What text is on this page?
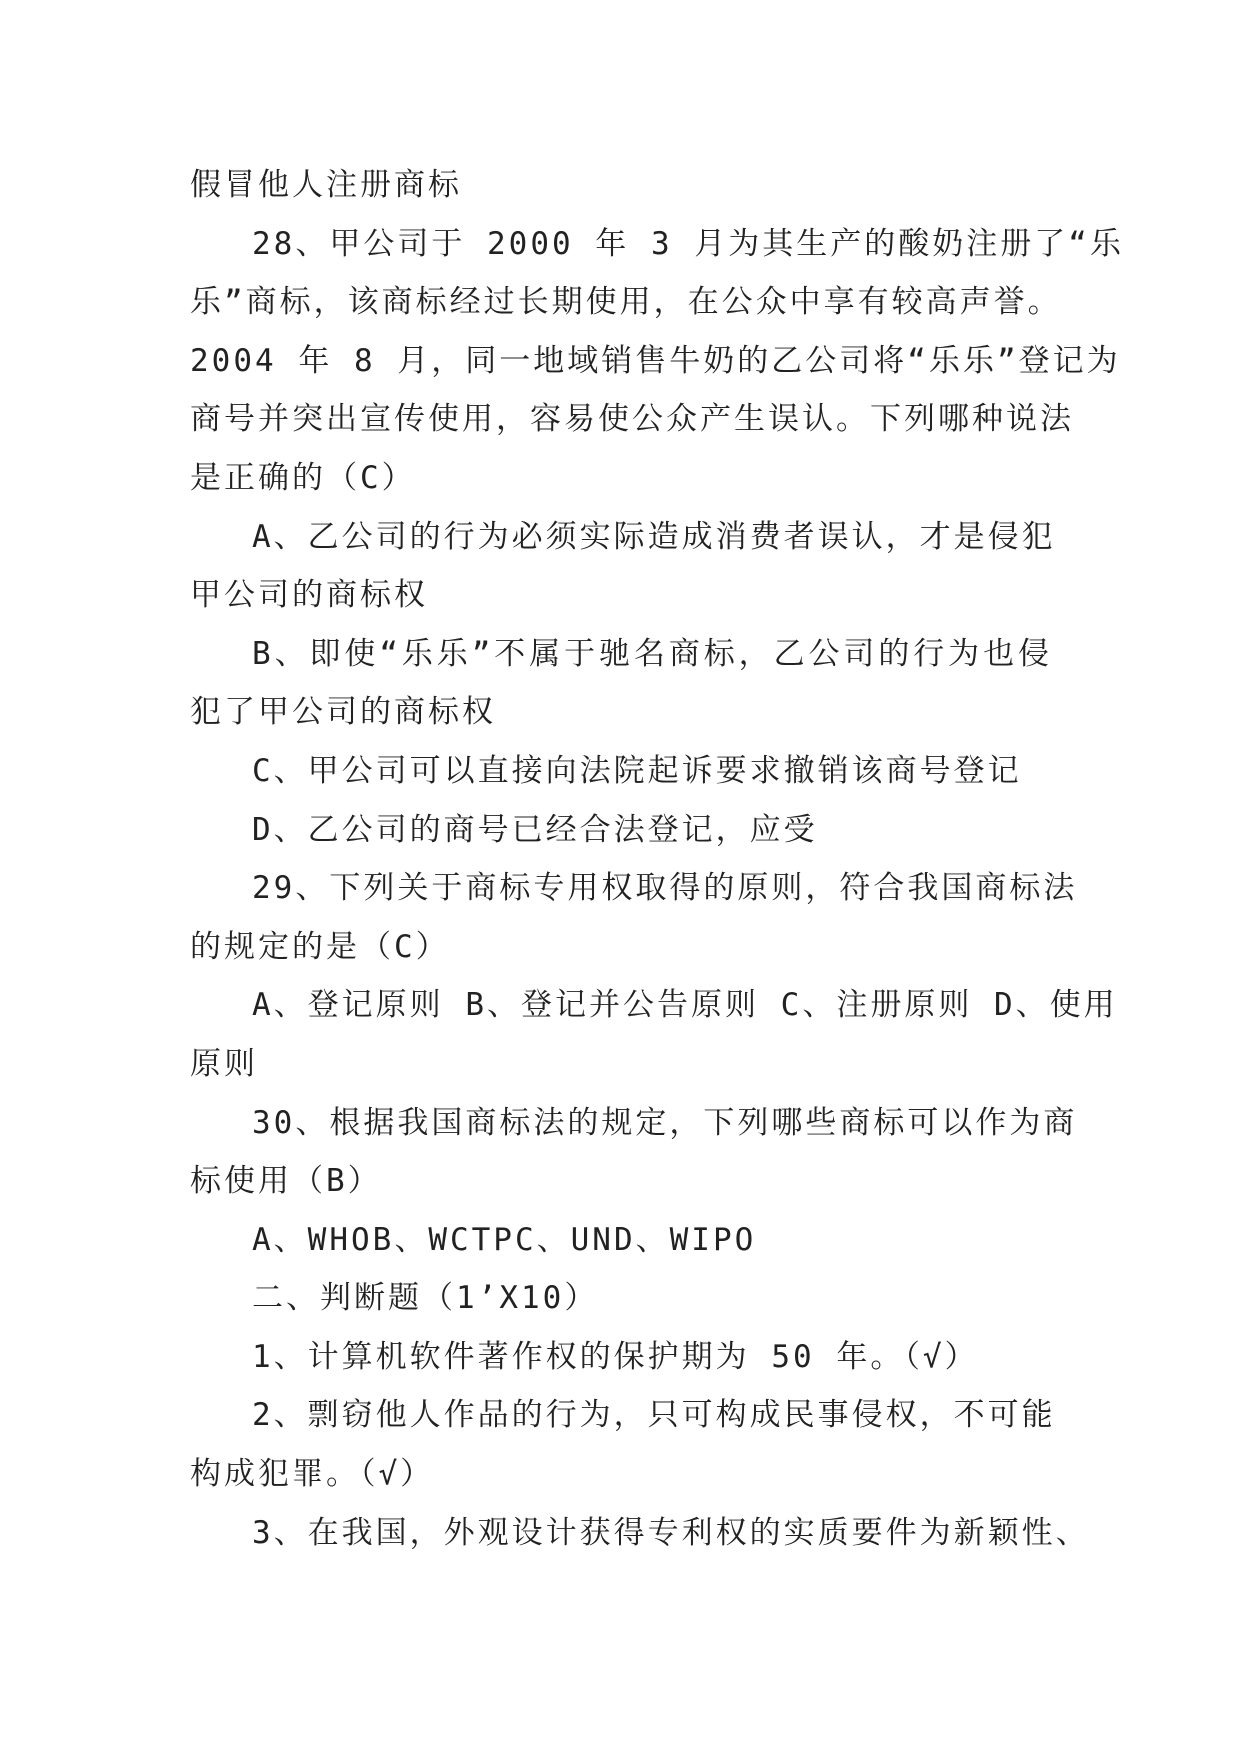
假冒他人注册商标
28、甲公司于 2000 年 3 月为其生产的酸奶注册了“乐
乐”商标，该商标经过长期使用，在公众中享有较高声誉。
2004 年 8 月，同一地域销售牛奶的乙公司将“乐乐”登记为
商号并突出宣传使用，容易使公众产生误认。下列哪种说法
是正确的（C）
A、乙公司的行为必须实际造成消费者误认，才是侵犯
甲公司的商标权
B、即使“乐乐”不属于驰名商标，乙公司的行为也侵
犯了甲公司的商标权
C、甲公司可以直接向法院起诉要求撤销该商号登记
D、乙公司的商号已经合法登记，应受
29、下列关于商标专用权取得的原则，符合我国商标法
的规定的是（C）
A、登记原则 B、登记并公告原则 C、注册原则 D、使用
原则
30、根据我国商标法的规定，下列哪些商标可以作为商
标使用（B）
A、WHOB、WCTPC、UND、WIPO
二、判断题（1’X10）
1、计算机软件著作权的保护期为 50 年。（√）
2、剽窃他人作品的行为，只可构成民事侵权，不可能
构成犯罪。（√）
3、在我国，外观设计获得专利权的实质要件为新颖性、
